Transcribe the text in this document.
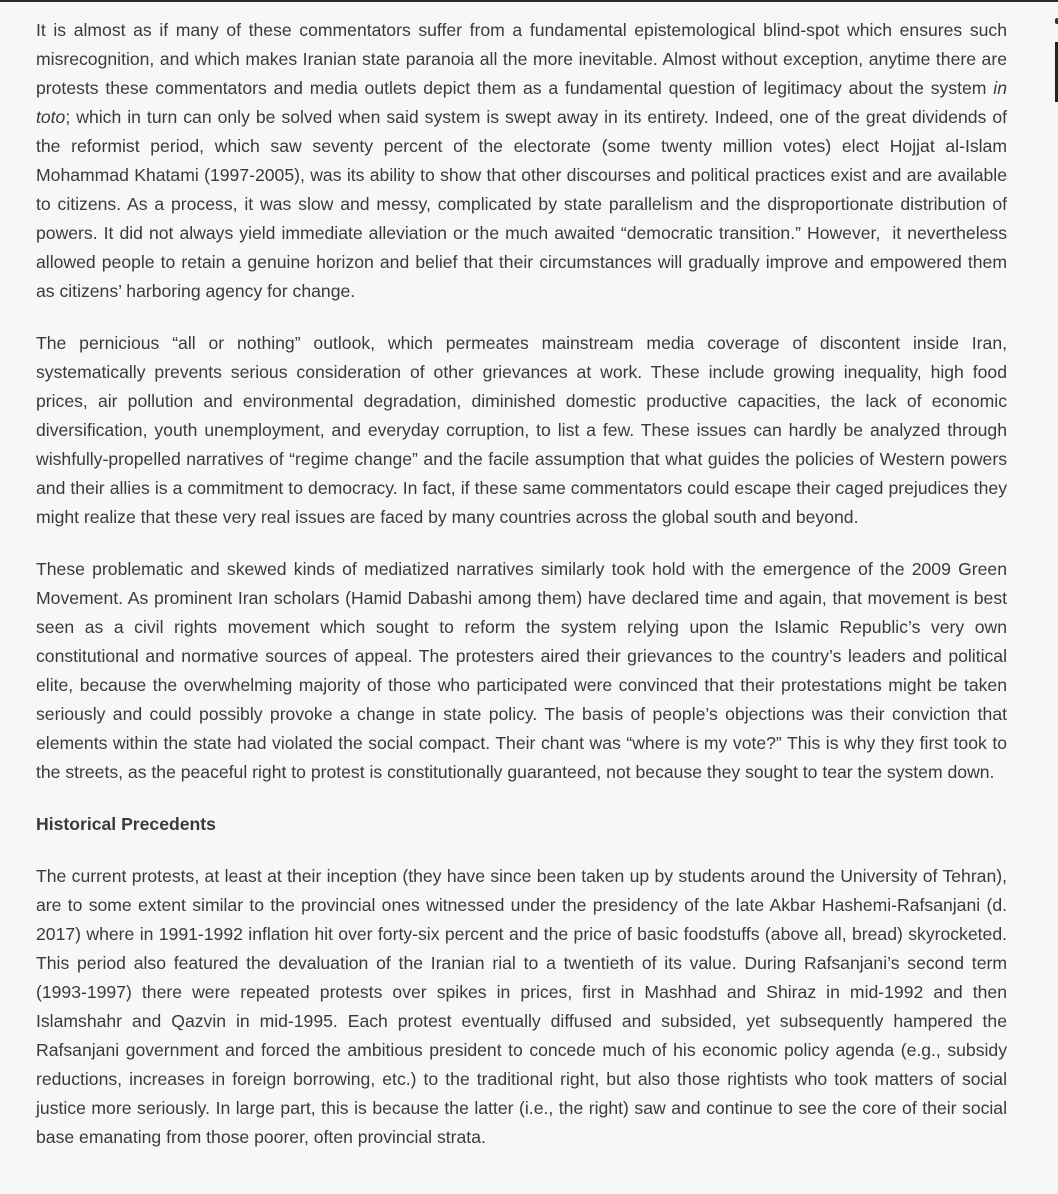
It is almost as if many of these commentators suffer from a fundamental epistemological blind-spot which ensures such misrecognition, and which makes Iranian state paranoia all the more inevitable. Almost without exception, anytime there are protests these commentators and media outlets depict them as a fundamental question of legitimacy about the system in toto; which in turn can only be solved when said system is swept away in its entirety. Indeed, one of the great dividends of the reformist period, which saw seventy percent of the electorate (some twenty million votes) elect Hojjat al-Islam Mohammad Khatami (1997-2005), was its ability to show that other discourses and political practices exist and are available to citizens. As a process, it was slow and messy, complicated by state parallelism and the disproportionate distribution of powers. It did not always yield immediate alleviation or the much awaited “democratic transition.” However,  it nevertheless allowed people to retain a genuine horizon and belief that their circumstances will gradually improve and empowered them as citizens’ harboring agency for change.

The pernicious “all or nothing” outlook, which permeates mainstream media coverage of discontent inside Iran, systematically prevents serious consideration of other grievances at work. These include growing inequality, high food prices, air pollution and environmental degradation, diminished domestic productive capacities, the lack of economic diversification, youth unemployment, and everyday corruption, to list a few. These issues can hardly be analyzed through wishfully-propelled narratives of “regime change” and the facile assumption that what guides the policies of Western powers and their allies is a commitment to democracy. In fact, if these same commentators could escape their caged prejudices they might realize that these very real issues are faced by many countries across the global south and beyond.

These problematic and skewed kinds of mediatized narratives similarly took hold with the emergence of the 2009 Green Movement. As prominent Iran scholars (Hamid Dabashi among them) have declared time and again, that movement is best seen as a civil rights movement which sought to reform the system relying upon the Islamic Republic’s very own constitutional and normative sources of appeal. The protesters aired their grievances to the country’s leaders and political elite, because the overwhelming majority of those who participated were convinced that their protestations might be taken seriously and could possibly provoke a change in state policy. The basis of people’s objections was their conviction that elements within the state had violated the social compact. Their chant was “where is my vote?” This is why they first took to the streets, as the peaceful right to protest is constitutionally guaranteed, not because they sought to tear the system down.

Historical Precedents

The current protests, at least at their inception (they have since been taken up by students around the University of Tehran), are to some extent similar to the provincial ones witnessed under the presidency of the late Akbar Hashemi-Rafsanjani (d. 2017) where in 1991-1992 inflation hit over forty-six percent and the price of basic foodstuffs (above all, bread) skyrocketed. This period also featured the devaluation of the Iranian rial to a twentieth of its value. During Rafsanjani’s second term (1993-1997) there were repeated protests over spikes in prices, first in Mashhad and Shiraz in mid-1992 and then Islamshahr and Qazvin in mid-1995. Each protest eventually diffused and subsided, yet subsequently hampered the Rafsanjani government and forced the ambitious president to concede much of his economic policy agenda (e.g., subsidy reductions, increases in foreign borrowing, etc.) to the traditional right, but also those rightists who took matters of social justice more seriously. In large part, this is because the latter (i.e., the right) saw and continue to see the core of their social base emanating from those poorer, often provincial strata.
